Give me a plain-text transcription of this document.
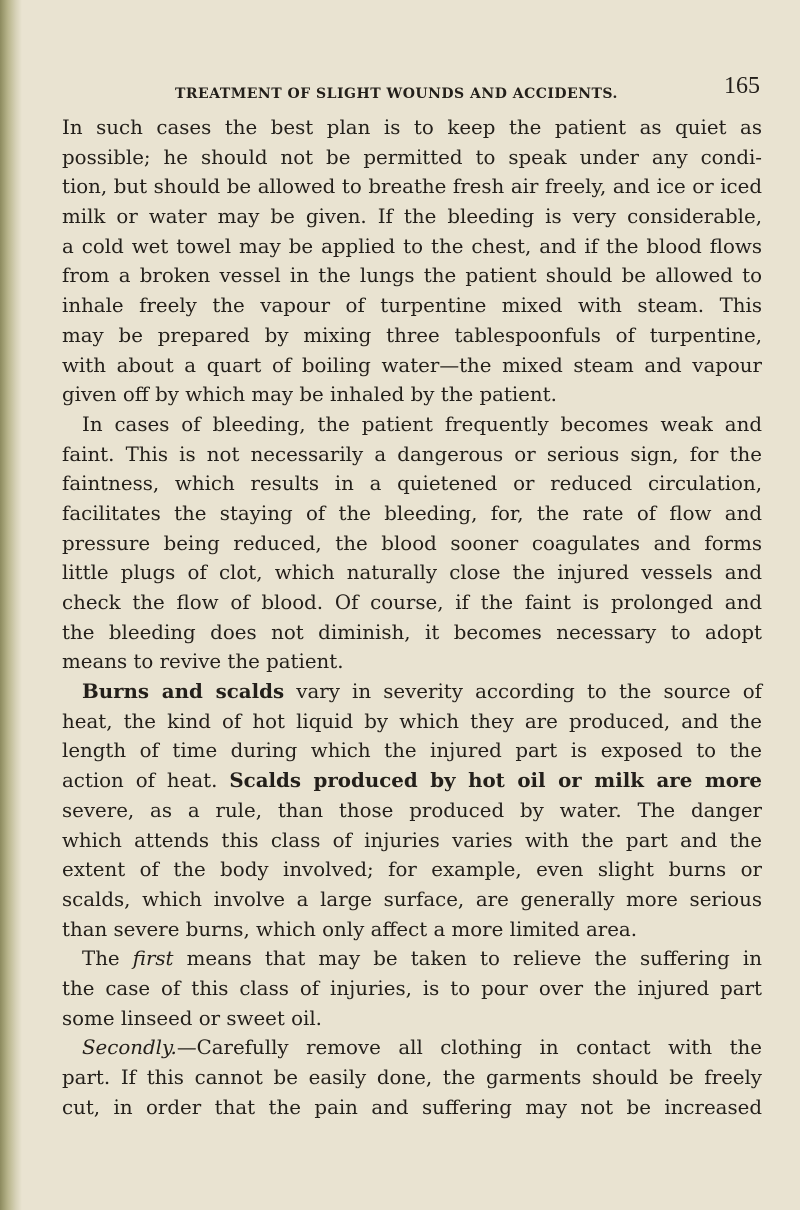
TREATMENT OF SLIGHT WOUNDS AND ACCIDENTS.	165
In such cases the best plan is to keep the patient as quiet as
possible; he should not be permitted to speak under any condi-
tion, but should be allowed to breathe fresh air freely, and ice or iced
milk or water may be given. If the bleeding is very considerable,
a cold wet towel may be applied to the chest, and if the blood flows
from a broken vessel in the lungs the patient should be allowed to
inhale freely the vapour of turpentine mixed with steam. This
may be prepared by mixing three tablespoonfuls of turpentine,
with about a quart of boiling water—the mixed steam and vapour
given off by which may be inhaled by the patient.
In cases of bleeding, the patient frequently becomes weak and
faint. This is not necessarily a dangerous or serious sign, for the
faintness, which results in a quietened or reduced circulation,
facilitates the staying of the bleeding, for, the rate of flow and
pressure being reduced, the blood sooner coagulates and forms
little plugs of clot, which naturally close the injured vessels and
check the flow of blood. Of course, if the faint is prolonged and
the bleeding does not diminish, it becomes necessary to adopt
means to revive the patient.
Burns and scalds vary in severity according to the source of
heat, the kind of hot liquid by which they are produced, and the
length of time during which the injured part is exposed to the
action of heat. Scalds produced by hot oil or milk are more
severe, as a rule, than those produced by water. The danger
which attends this class of injuries varies with the part and the
extent of the body involved; for example, even slight burns or
scalds, which involve a large surface, are generally more serious
than severe burns, which only affect a more limited area.
The first means that may be taken to relieve the suffering in
the case of this class of injuries, is to pour over the injured part
some linseed or sweet oil.
Secondly.—Carefully remove all clothing in contact with the
part. If this cannot be easily done, the garments should be freely
cut, in order that the pain and suffering may not be increased
